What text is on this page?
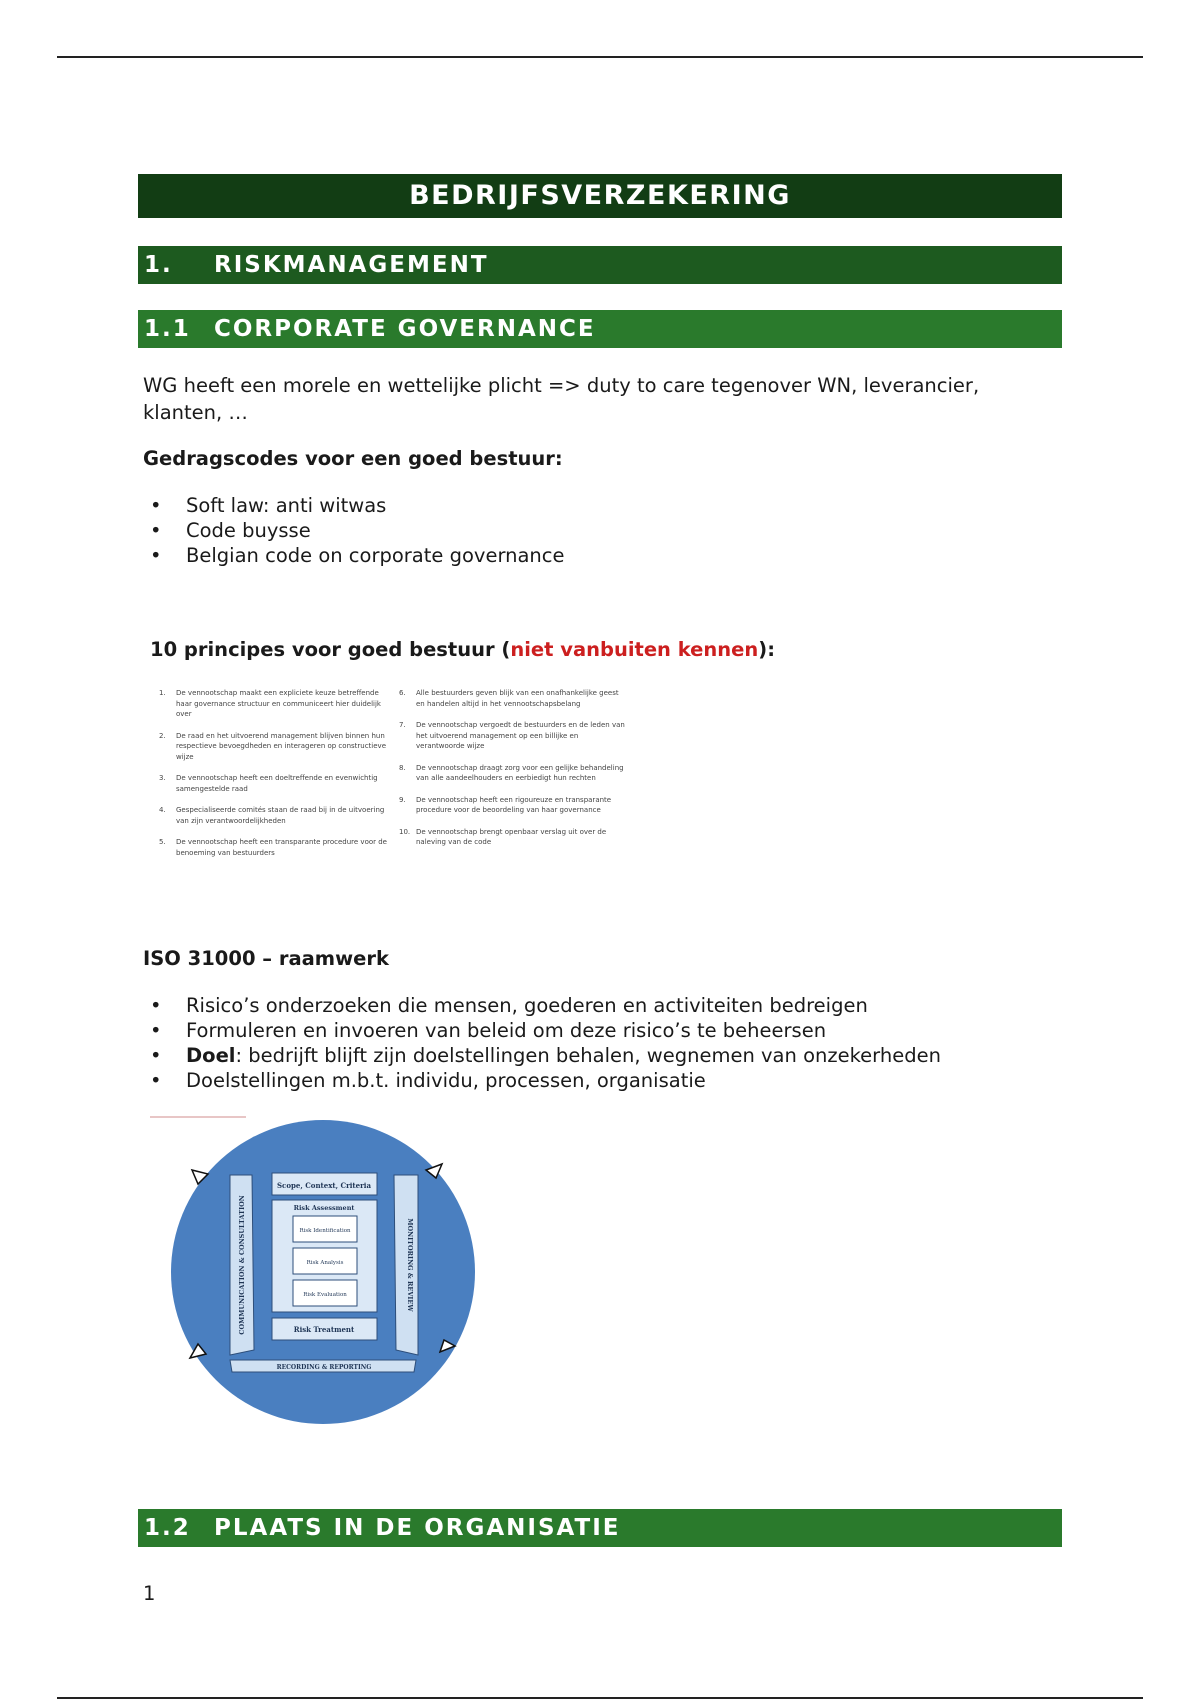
BEDRIJFSVERZEKERING
1. RISKMANAGEMENT
1.1 CORPORATE GOVERNANCE
WG heeft een morele en wettelijke plicht => duty to care tegenover WN, leverancier, klanten, …
Gedragscodes voor een goed bestuur:
• Soft law: anti witwas
• Code buysse
• Belgian code on corporate governance
10 principes voor goed bestuur (niet vanbuiten kennen):
1. De vennootschap maakt een expliciete keuze betreffende haar governance structuur en communiceert hier duidelijk over
2. De raad en het uitvoerend management blijven binnen hun respectieve bevoegdheden en interageren op constructieve wijze
3. De vennootschap heeft een doeltreffende en evenwichtig samengestelde raad
4. Gespecialiseerde comités staan de raad bij in de uitvoering van zijn verantwoordelijkheden
5. De vennootschap heeft een transparante procedure voor de benoeming van bestuurders
6. Alle bestuurders geven blijk van een onafhankelijke geest en handelen altijd in het vennootschapsbelang
7. De vennootschap vergoedt de bestuurders en de leden van het uitvoerend management op een billijke en verantwoorde wijze
8. De vennootschap draagt zorg voor een gelijke behandeling van alle aandeelhouders en eerbiedigt hun rechten
9. De vennootschap heeft een rigoureuze en transparante procedure voor de beoordeling van haar governance
10. De vennootschap brengt openbaar verslag uit over de naleving van de code
ISO 31000 – raamwerk
• Risico’s onderzoeken die mensen, goederen en activiteiten bedreigen
• Formuleren en invoeren van beleid om deze risico’s te beheersen
• Doel: bedrijft blijft zijn doelstellingen behalen, wegnemen van onzekerheden
• Doelstellingen m.b.t. individu, processen, organisatie
COMMUNICATION & CONSULTATION	MONITORING & REVIEW
Scope, Context, Criteria
Risk Assessment
Risk Identification
Risk Analysis
Risk Evaluation
Risk Treatment
RECORDING & REPORTING
1.2 PLAATS IN DE ORGANISATIE
1
